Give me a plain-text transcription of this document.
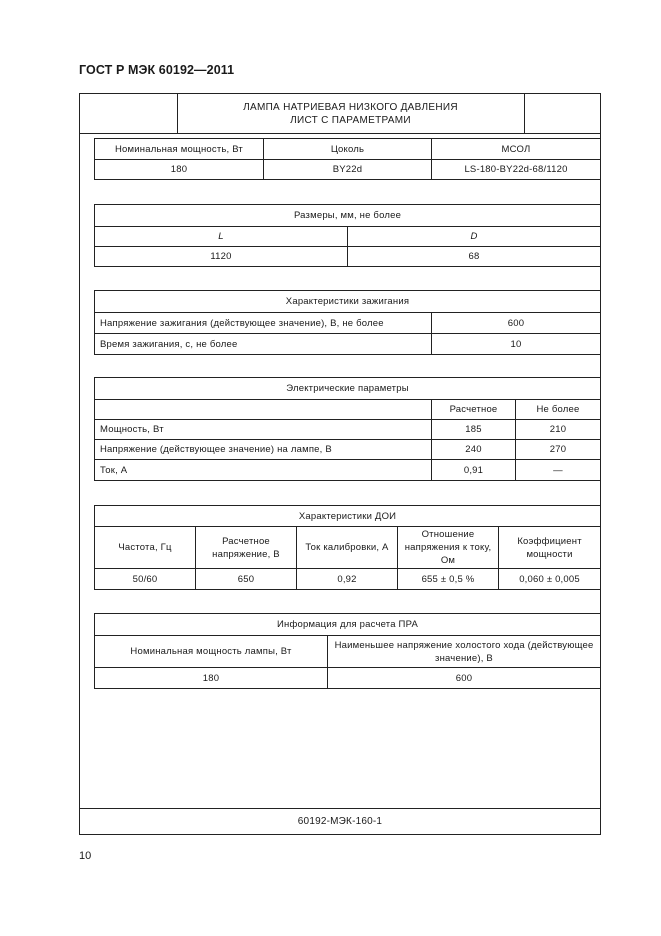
ГОСТ Р МЭК 60192—2011
ЛАМПА НАТРИЕВАЯ НИЗКОГО ДАВЛЕНИЯ
ЛИСТ С ПАРАМЕТРАМИ
60192-МЭК-160-1
Номинальная мощность, Вт	Цоколь	МСОЛ
180	BY22d	LS-180-BY22d-68/1120
Размеры, мм, не более	
L	D
1120	68
Характеристики зажигания	
Напряжение зажигания (действующее значение), В, не более	600
Время зажигания, с, не более	10
Электрические параметры		
	Расчетное	Не более
Мощность, Вт	185	210
Напряжение (действующее значение) на лампе, В	240	270
Ток, А	0,91	—
Характеристики ДОИ				
Частота, Гц	Расчетное напряжение, В	Ток калибровки, А	Отношение напряжения к току, Ом	Коэффициент мощности
50/60	650	0,92	655 ± 0,5 %	0,060 ± 0,005
Информация для расчета ПРА	
Номинальная мощность лампы, Вт	Наименьшее напряжение холостого хода (действующее значение), В
180	600
10
